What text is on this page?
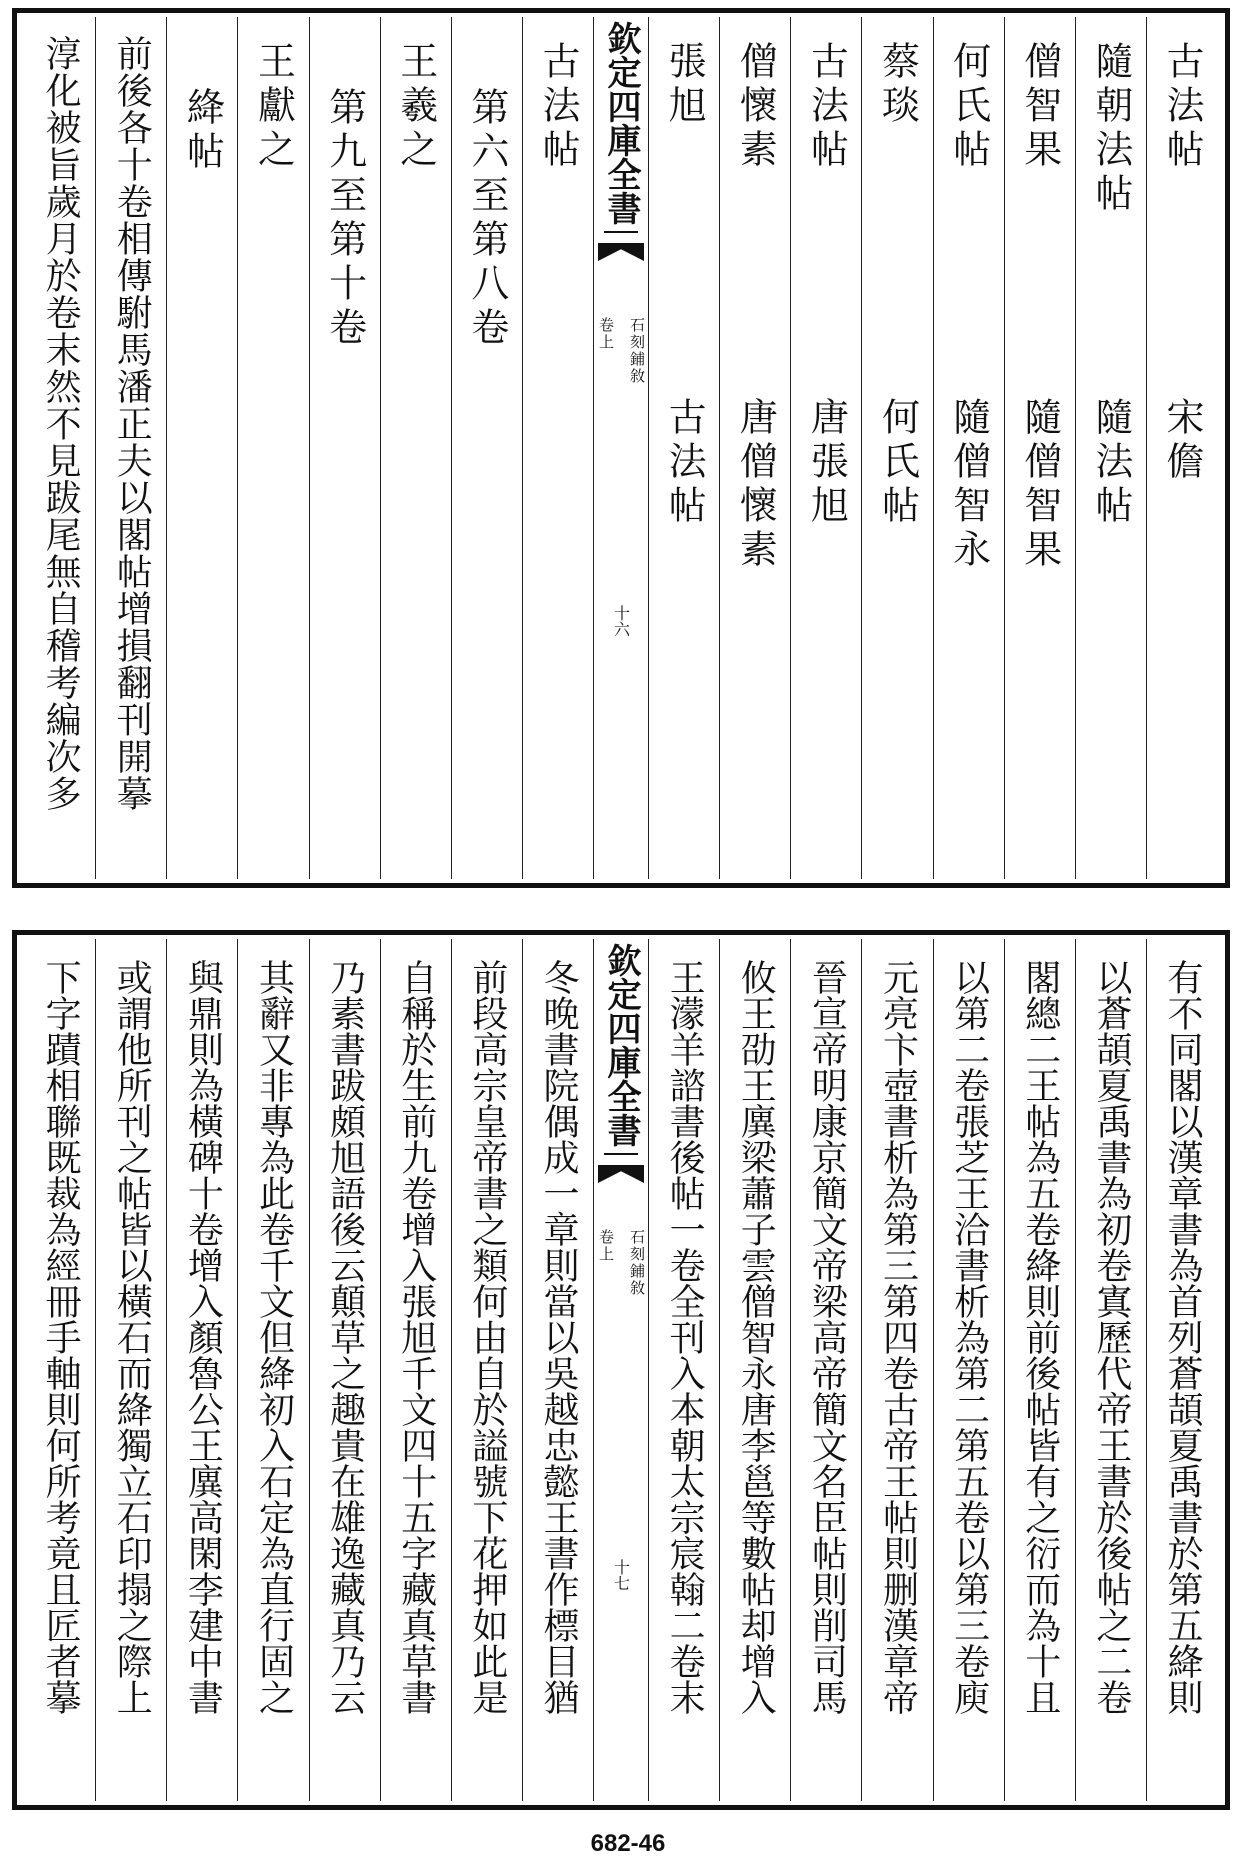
古法帖
宋儋
隨朝法帖
隨法帖
僧智果
隨僧智果
何氏帖
隨僧智永
蔡琰
何氏帖
古法帖
唐張旭
僧懷素
唐僧懷素
張旭
古法帖
欽定四庫全書
石刻鋪敘
卷上
十六
古法帖
第六至第八卷
王羲之
第九至第十卷
王獻之
絳帖
前後各十卷相傳駙馬潘正夫以閣帖增損翻刊開摹
淳化被旨歲月於卷末然不見跋尾無自稽考編次多
有不同閣以漢章書為首列蒼頡夏禹書於第五絳則
以蒼頡夏禹書為初卷寘歷代帝王書於後帖之二卷
閣總二王帖為五卷絳則前後帖皆有之衍而為十且
以第二卷張芝王洽書析為第二第五卷以第三卷庾
元亮卞壺書析為第三第四卷古帝王帖則删漢章帝
晉宣帝明康京簡文帝梁高帝簡文名臣帖則削司馬
攸王劭王廙梁蕭子雲僧智永唐李邕等數帖却增入
王濛羊諮書後帖一卷全刊入本朝太宗宸翰二卷末
欽定四庫全書
石刻鋪敘
卷上
十七
冬晚書院偶成一章則當以吳越忠懿王書作標目猶
前段高宗皇帝書之類何由自於謚號下花押如此是
自稱於生前九卷增入張旭千文四十五字藏真草書
乃素書跋頗旭語後云顛草之趣貴在雄逸藏真乃云
其辭又非專為此卷千文但絳初入石定為直行固之
與鼎則為橫碑十卷增入顏魯公王廙高閑李建中書
或謂他所刊之帖皆以橫石而絳獨立石印搨之際上
下字蹟相聯既裁為經冊手軸則何所考竟且匠者摹
682-46
